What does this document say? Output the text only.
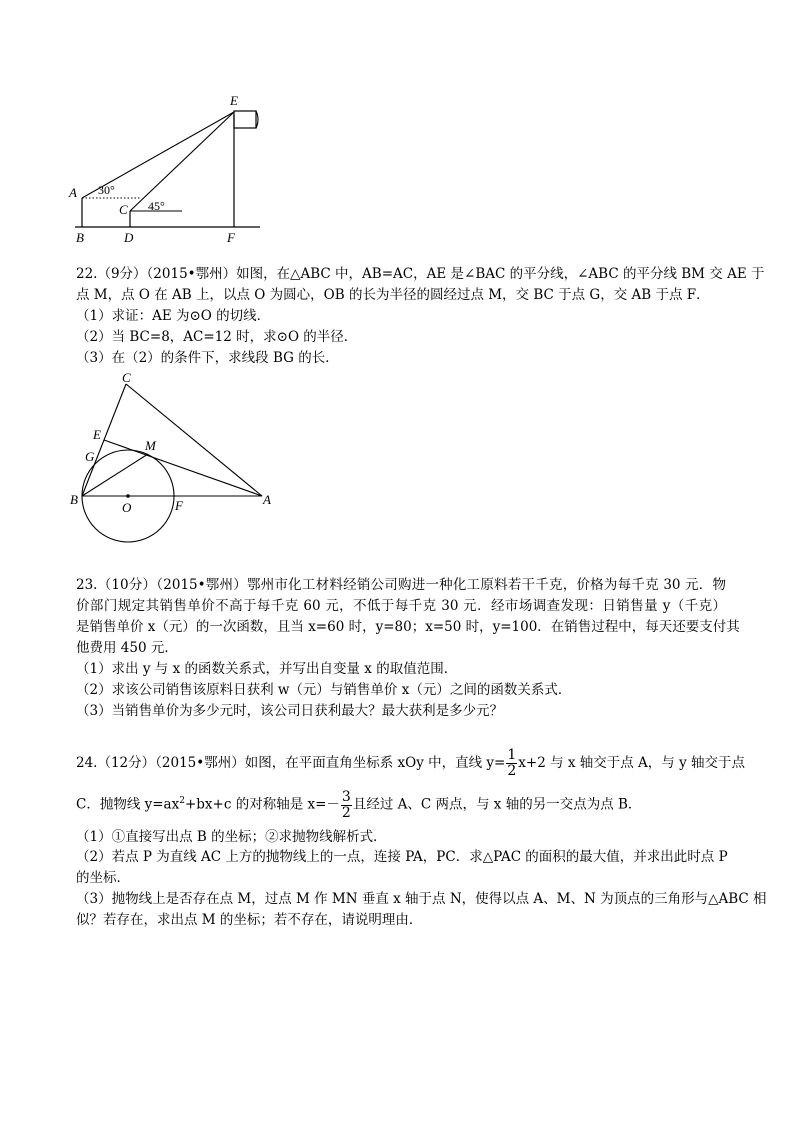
E
A
B
C
D	F
30°
45°
22.（9分）（2015•鄂州）如图，在△ABC 中，AB=AC，AE 是∠BAC 的平分线，∠ABC 的平分线 BM 交 AE 于
点 M，点 O 在 AB 上，以点 O 为圆心，OB 的长为半径的圆经过点 M，交 BC 于点 G，交 AB 于点 F．
（1）求证：AE 为⊙O 的切线．
（2）当 BC=8，AC=12 时，求⊙O 的半径．
（3）在（2）的条件下，求线段 BG 的长．
C
E
M
G
B
O	F	A
23.（10分）（2015•鄂州）鄂州市化工材料经销公司购进一种化工原料若干千克，价格为每千克 30 元．物
价部门规定其销售单价不高于每千克 60 元，不低于每千克 30 元．经市场调查发现：日销售量 y（千克）
是销售单价 x（元）的一次函数，且当 x=60 时，y=80；x=50 时，y=100．在销售过程中，每天还要支付其
他费用 450 元．
（1）求出 y 与 x 的函数关系式，并写出自变量 x 的取值范围．
（2）求该公司销售该原料日获利 w（元）与销售单价 x（元）之间的函数关系式．
（3）当销售单价为多少元时，该公司日获利最大？最大获利是多少元？
24.（12分）（2015•鄂州）如图，在平面直角坐标系 xOy 中，直线 $y= \frac{1}{2} x+2$ 与 x 轴交于点 A，与 y 轴交于点
C．抛物线 $y=ax^2+bx+c$ 的对称轴是 $x=- \frac{3}{2}$ 且经过 A、C 两点，与 x 轴的另一交点为点 B．
（1）①直接写出点 B 的坐标；②求抛物线解析式．
（2）若点 P 为直线 AC 上方的抛物线上的一点，连接 PA，PC．求△PAC 的面积的最大值，并求出此时点 P
的坐标．
（3）抛物线上是否存在点 M，过点 M 作 MN 垂直 x 轴于点 N，使得以点 A、M、N 为顶点的三角形与△ABC 相
似？若存在，求出点 M 的坐标；若不存在，请说明理由．
